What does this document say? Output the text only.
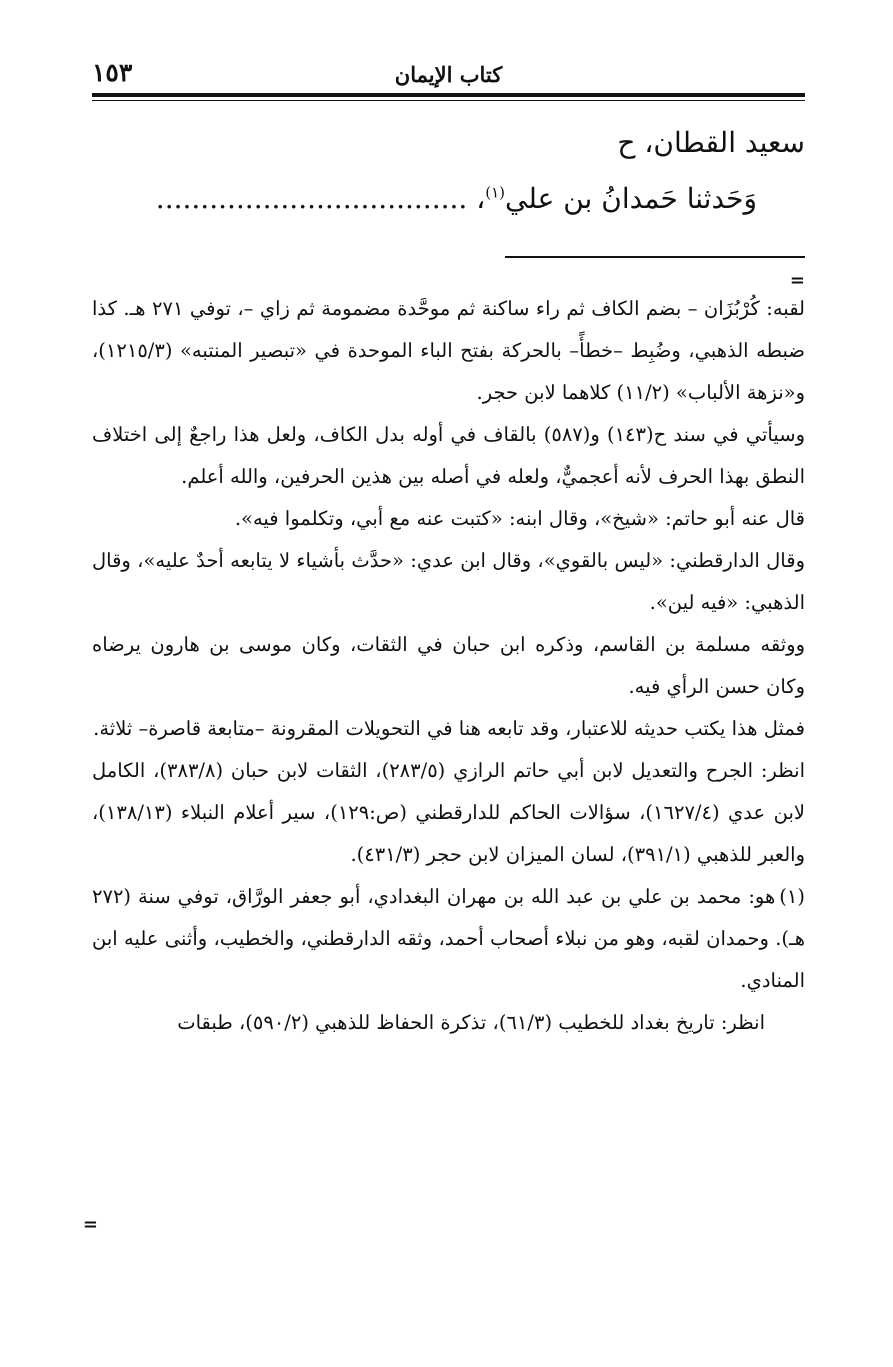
كتاب الإيمان
١٥٣
سعيد القطان، ح
وَحَدثنا حَمدانُ بن علي$^{(١)}$، ...................................
=

لقبه: كُرْبُزَان – بضم الكاف ثم راء ساكنة ثم موحَّدة مضمومة ثم زاي –، توفي ٢٧١ هـ. كذا ضبطه الذهبي، وضُبِط –خطأً– بالحركة بفتح الباء الموحدة في «تبصير المنتبه» (١٢١٥/٣)، و«نزهة الألباب» (١١/٢) كلاهما لابن حجر.

وسيأتي في سند ح(١٤٣) و(٥٨٧) بالقاف في أوله بدل الكاف، ولعل هذا راجعٌ إلى اختلاف النطق بهذا الحرف لأنه أعجميٌّ، ولعله في أصله بين هذين الحرفين، والله أعلم.

قال عنه أبو حاتم: «شيخ»، وقال ابنه: «كتبت عنه مع أبي، وتكلموا فيه».

وقال الدارقطني: «ليس بالقوي»، وقال ابن عدي: «حدَّث بأشياء لا يتابعه أحدٌ عليه»، وقال الذهبي: «فيه لين».

ووثقه مسلمة بن القاسم، وذكره ابن حبان في الثقات، وكان موسى بن هارون يرضاه وكان حسن الرأي فيه.

فمثل هذا يكتب حديثه للاعتبار، وقد تابعه هنا في التحويلات المقرونة –متابعة قاصرة– ثلاثة.

انظر: الجرح والتعديل لابن أبي حاتم الرازي (٢٨٣/٥)، الثقات لابن حبان (٣٨٣/٨)، الكامل لابن عدي (١٦٢٧/٤)، سؤالات الحاكم للدارقطني (ص:١٢٩)، سير أعلام النبلاء (١٣٨/١٣)، والعبر للذهبي (٣٩١/١)، لسان الميزان لابن حجر (٤٣١/٣).

(١)هو: محمد بن علي بن عبد الله بن مهران البغدادي، أبو جعفر الورَّاق، توفي سنة (٢٧٢ هـ). وحمدان لقبه، وهو من نبلاء أصحاب أحمد، وثقه الدارقطني، والخطيب، وأثنى عليه ابن المنادي.

انظر: تاريخ بغداد للخطيب (٦١/٣)، تذكرة الحفاظ للذهبي (٥٩٠/٢)، طبقات

=
